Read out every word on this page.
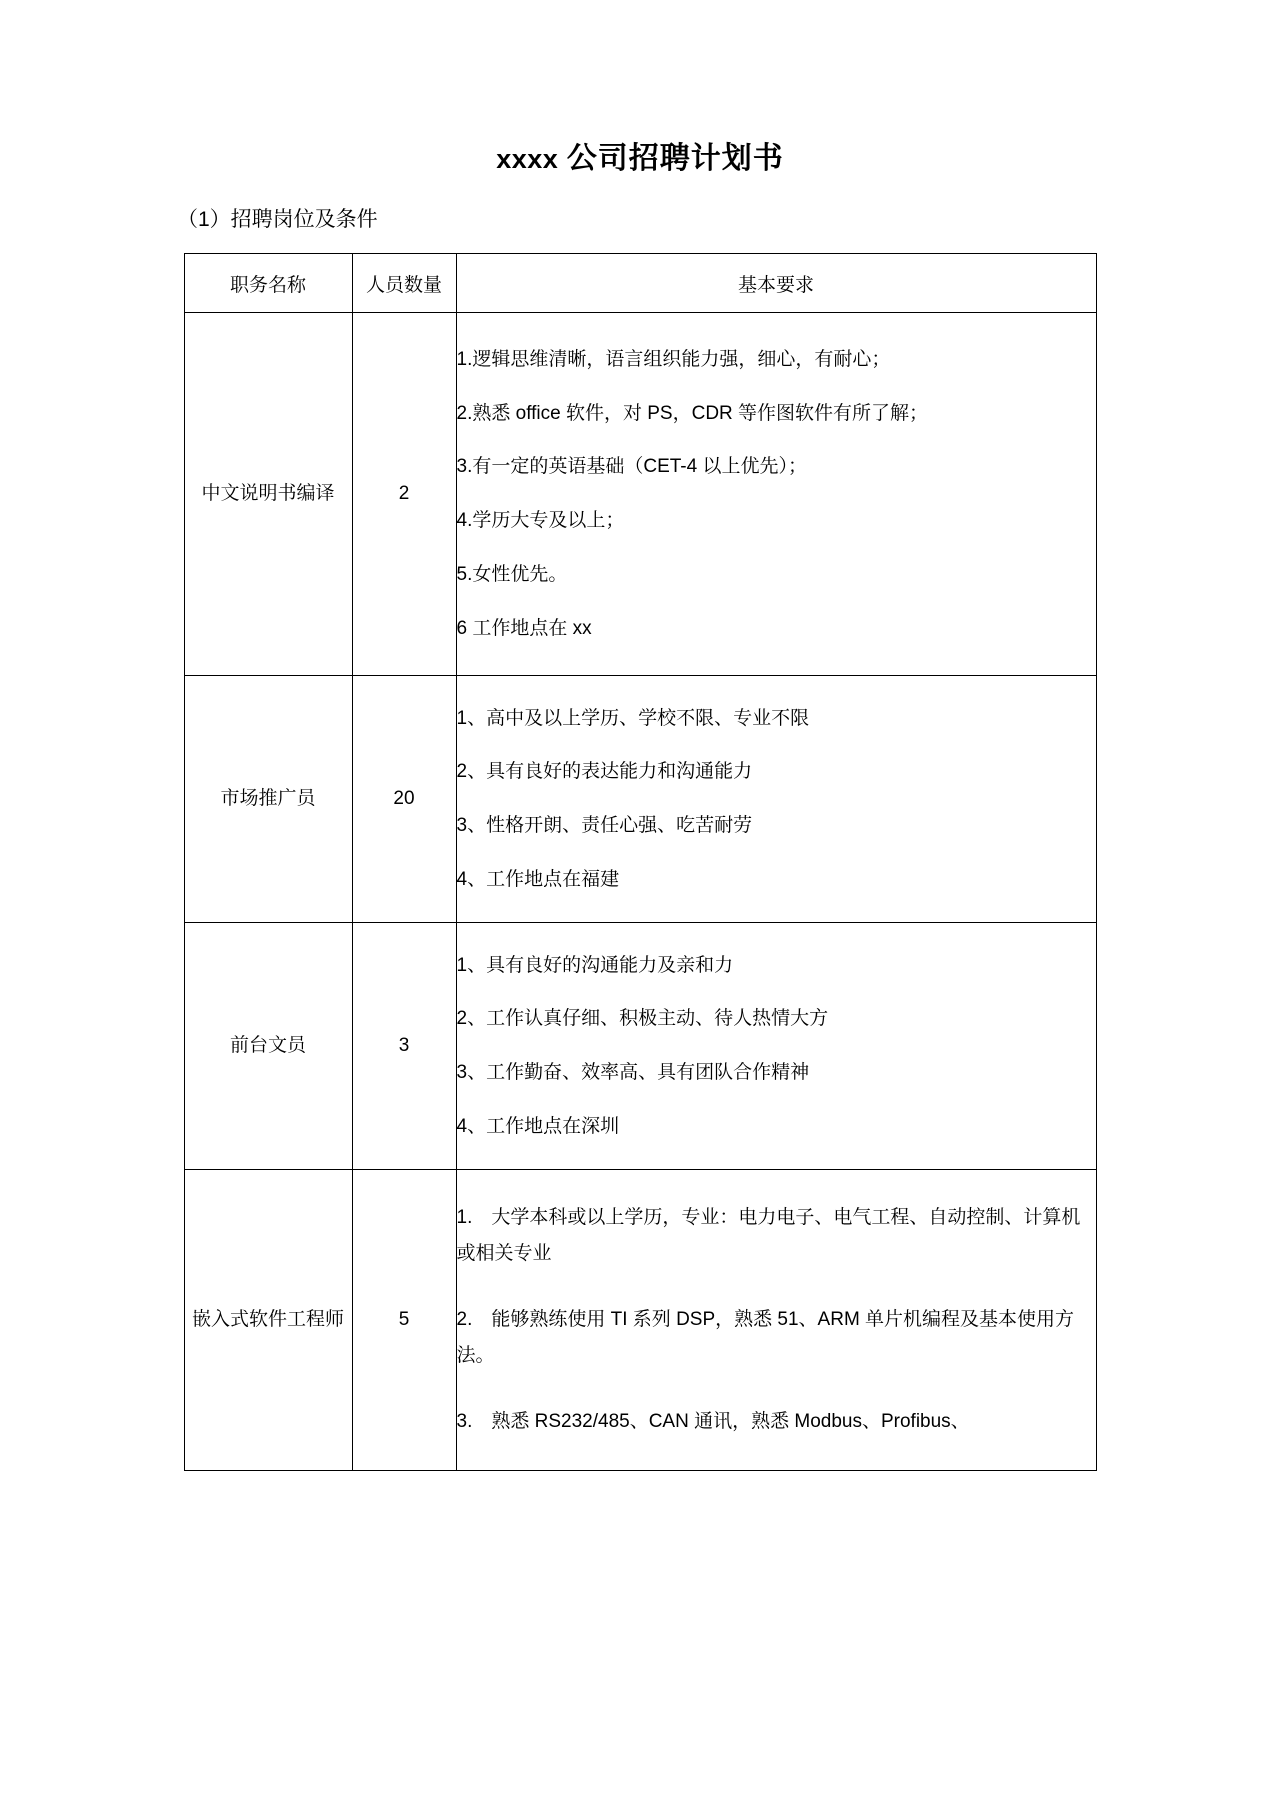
xxxx 公司招聘计划书

（1）招聘岗位及条件

职务名称	人员数量	基本要求
中文说明书编译	2	

1.逻辑思维清晰，语言组织能力强，细心，有耐心；

2.熟悉 office 软件，对 PS，CDR 等作图软件有所了解；

3.有一定的英语基础（CET-4 以上优先）；

4.学历大专及以上；

5.女性优先。

6 工作地点在 xx

市场推广员	20	1、高中及以上学历、学校不限、专业不限

2、具有良好的表达能力和沟通能力

3、性格开朗、责任心强、吃苦耐劳

4、工作地点在福建

前台文员	3	1、具有良好的沟通能力及亲和力

2、工作认真仔细、积极主动、待人热情大方

3、工作勤奋、效率高、具有团队合作精神

4、工作地点在深圳

嵌入式软件工程师	5	1.　大学本科或以上学历，专业：电力电子、电气工程、自动控制、计算机或相关专业

2.　能够熟练使用 TI 系列 DSP，熟悉 51、ARM 单片机编程及基本使用方法。

3.　熟悉 RS232/485、CAN 通讯，熟悉 Modbus、Profibus、
